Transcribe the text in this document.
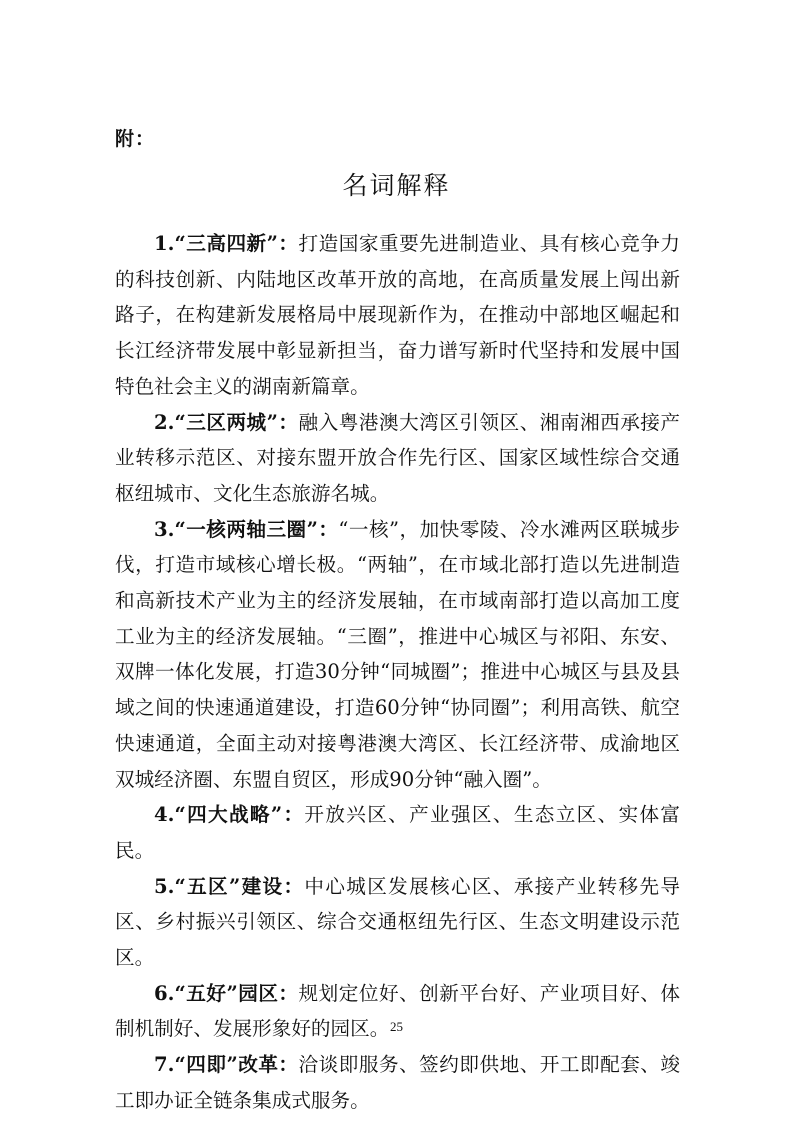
附：
名词解释

1.“三高四新”：打造国家重要先进制造业、具有核心竞争力的科技创新、内陆地区改革开放的高地，在高质量发展上闯出新路子，在构建新发展格局中展现新作为，在推动中部地区崛起和长江经济带发展中彰显新担当，奋力谱写新时代坚持和发展中国特色社会主义的湖南新篇章。

2.“三区两城”：融入粤港澳大湾区引领区、湘南湘西承接产业转移示范区、对接东盟开放合作先行区、国家区域性综合交通枢纽城市、文化生态旅游名城。

3.“一核两轴三圈”：“一核”，加快零陵、冷水滩两区联城步伐，打造市域核心增长极。“两轴”，在市域北部打造以先进制造和高新技术产业为主的经济发展轴，在市域南部打造以高加工度工业为主的经济发展轴。“三圈”，推进中心城区与祁阳、东安、双牌一体化发展，打造30分钟“同城圈”；推进中心城区与县及县域之间的快速通道建设，打造60分钟“协同圈”；利用高铁、航空快速通道，全面主动对接粤港澳大湾区、长江经济带、成渝地区双城经济圈、东盟自贸区，形成90分钟“融入圈”。

4.“四大战略”：开放兴区、产业强区、生态立区、实体富民。

5.“五区”建设：中心城区发展核心区、承接产业转移先导区、乡村振兴引领区、综合交通枢纽先行区、生态文明建设示范区。

6.“五好”园区：规划定位好、创新平台好、产业项目好、体制机制好、发展形象好的园区。

7.“四即”改革：洽谈即服务、签约即供地、开工即配套、竣工即办证全链条集成式服务。

25
